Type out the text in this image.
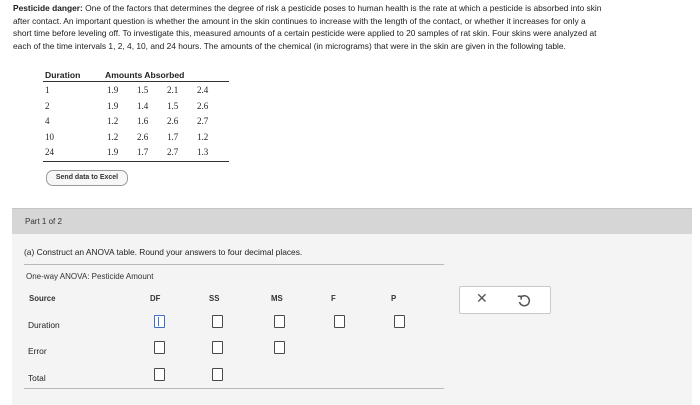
Pesticide danger: One of the factors that determines the degree of risk a pesticide poses to human health is the rate at which a pesticide is absorbed into skin
after contact. An important question is whether the amount in the skin continues to increase with the length of the contact, or whether it increases for only a
short time before leveling off. To investigate this, measured amounts of a certain pesticide were applied to 20 samples of rat skin. Four skins were analyzed at
each of the time intervals 1, 2, 4, 10, and 24 hours. The amounts of the chemical (in micrograms) that were in the skin are given in the following table.
Duration	Amounts Absorbed
1	1.9 1.5 2.1 2.4
2	1.9 1.4 1.5 2.6
4	1.2 1.6 2.6 2.7
10	1.2 2.6 1.7 1.2
24	1.9 1.7 2.7 1.3
Send data to Excel
Part 1 of 2
(a) Construct an ANOVA table. Round your answers to four decimal places.
One-way ANOVA: Pesticide Amount
Source	DF	SS	MS	F	P
Duration
Error
Total
✕
